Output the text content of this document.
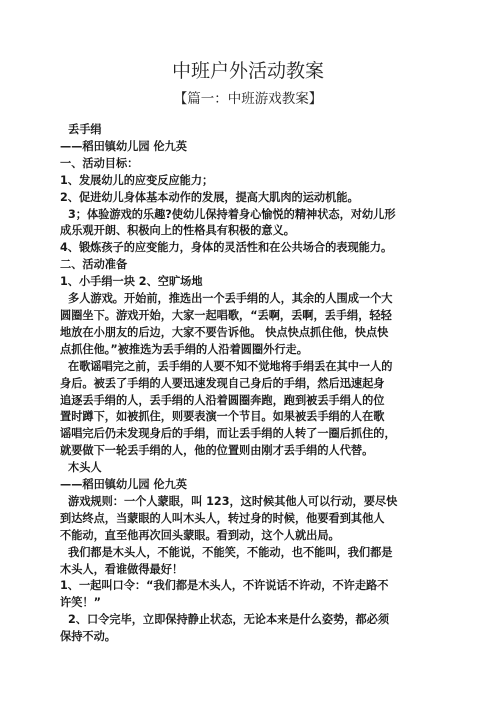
中班户外活动教案
【篇一：中班游戏教案】

丢手绢

——稻田镇幼儿园 伦九英

一、活动目标：

1、发展幼儿的应变反应能力；

2、促进幼儿身体基本动作的发展，提高大肌肉的运动机能。

3；体验游戏的乐趣?使幼儿保持着身心愉悦的精神状态，对幼儿形

成乐观开朗、积极向上的性格具有积极的意义。

4、锻炼孩子的应变能力，身体的灵活性和在公共场合的表现能力。

二、活动准备

1、小手绢一块 2、空旷场地

多人游戏。开始前，推选出一个丢手绢的人，其余的人围成一个大

圆圈坐下。游戏开始，大家一起唱歌，“丢啊，丢啊，丢手绢，轻轻

地放在小朋友的后边，大家不要告诉他。 快点快点抓住他，快点快

点抓住他。”被推选为丢手绢的人沿着圆圈外行走。

在歌谣唱完之前，丢手绢的人要不知不觉地将手绢丢在其中一人的

身后。被丢了手绢的人要迅速发现自己身后的手绢，然后迅速起身

追逐丢手绢的人，丢手绢的人沿着圆圈奔跑，跑到被丢手绢人的位

置时蹲下，如被抓住，则要表演一个节目。如果被丢手绢的人在歌

谣唱完后仍未发现身后的手绢，而让丢手绢的人转了一圈后抓住的，

就要做下一轮丢手绢的人，他的位置则由刚才丢手绢的人代替。

木头人

——稻田镇幼儿园 伦九英

游戏规则：一个人蒙眼，叫 123，这时候其他人可以行动，要尽快

到达终点，当蒙眼的人叫木头人，转过身的时候，他要看到其他人

不能动，直至他再次回头蒙眼。看到动，这个人就出局。

我们都是木头人，不能说，不能笑，不能动，也不能叫，我们都是

木头人，看谁做得最好！

1、一起叫口令：“我们都是木头人，不许说话不许动，不许走路不

许笑！”

2、口令完毕，立即保持静止状态，无论本来是什么姿势，都必须

保持不动。
